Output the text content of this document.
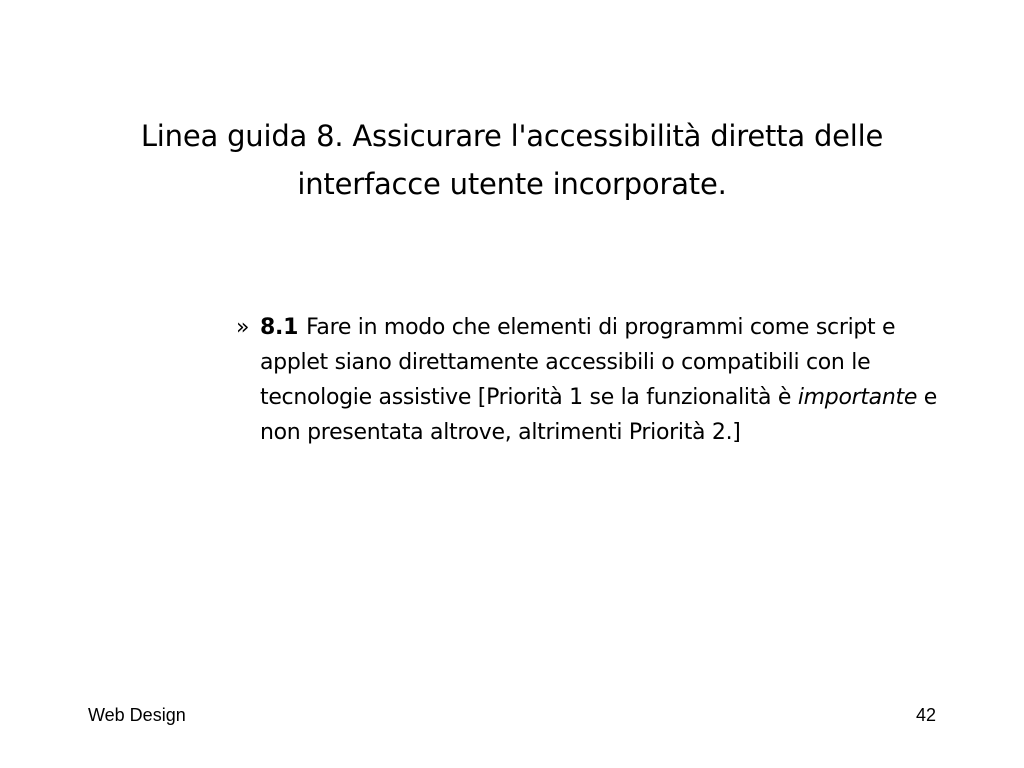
Linea guida 8. Assicurare l'accessibilità diretta delle
interfacce utente incorporate.
» 8.1 Fare in modo che elementi di programmi come script e applet siano direttamente accessibili o compatibili con le tecnologie assistive [Priorità 1 se la funzionalità è importante e non presentata altrove, altrimenti Priorità 2.]
Web Design	42
